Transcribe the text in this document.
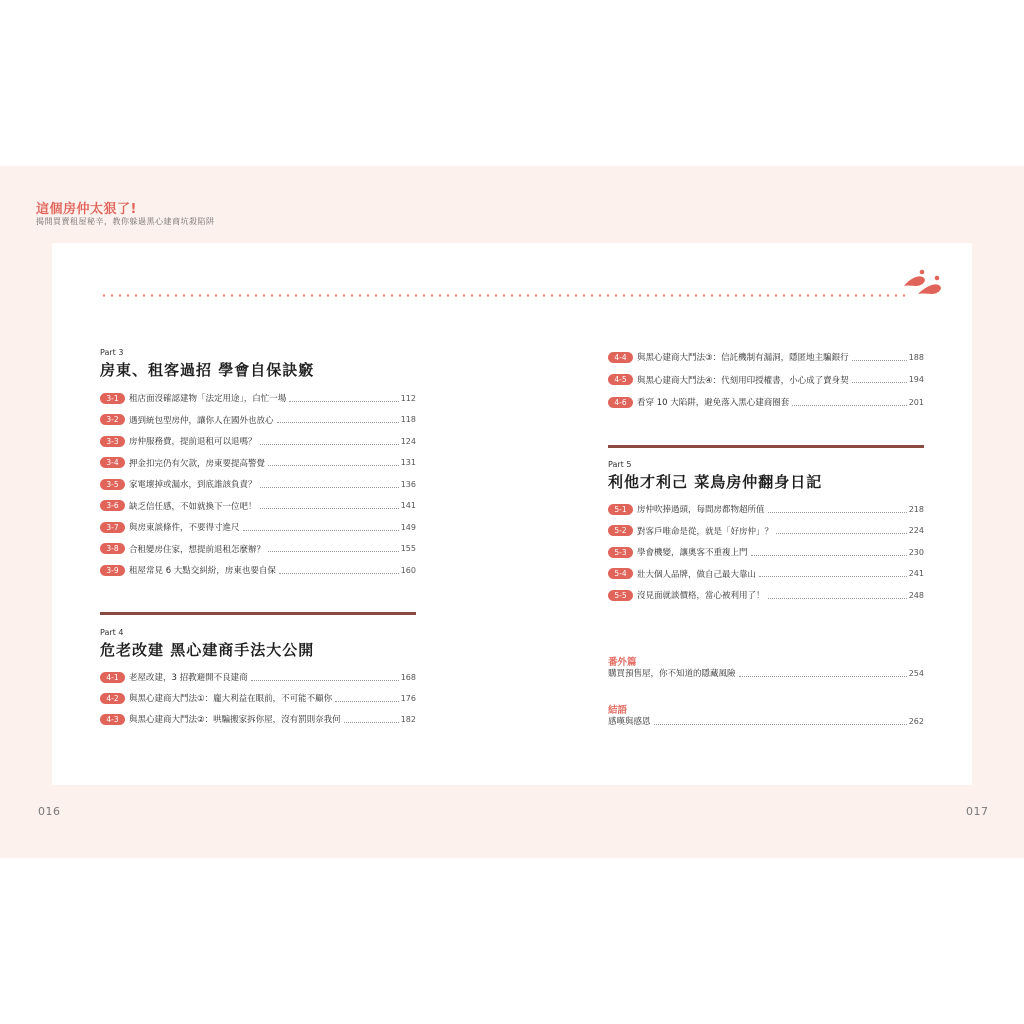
這個房仲太狠了!
揭開買賣租屋秘辛，教你躲過黑心建商坑殺陷阱
Part 3
房東、租客過招 學會自保訣竅
3-1	租店面沒確認建物「法定用途」，白忙一場	112
3-2	遇到統包型房仲，讓你人在國外也放心	118
3-3	房仲服務費，提前退租可以退嗎？	124
3-4	押金扣完仍有欠款，房東要提高警覺	131
3-5	家電壞掉或漏水，到底誰該負責？	136
3-6	缺乏信任感，不如就換下一位吧！	141
3-7	與房東談條件，不要得寸進尺	149
3-8	合租變房住家，想提前退租怎麼辦？	155
3-9	租屋常見 6 大點交糾紛，房東也要自保	160
Part 4
危老改建 黑心建商手法大公開
4-1	老屋改建，3 招教避開不良建商	168
4-2	與黑心建商大鬥法①：龐大利益在眼前，不可能不顧你	176
4-3	與黑心建商大鬥法②：哄騙搬家拆你屋，沒有罰則奈我何	182
4-4	與黑心建商大鬥法③：信託機制有漏洞，隱匿地主騙銀行	188
4-5	與黑心建商大鬥法④：代刻用印授權書，小心成了賣身契	194
4-6	看穿 10 大陷阱，避免落入黑心建商圈套	201
Part 5
利他才利己 菜鳥房仲翻身日記
5-1	房仲吹捧過頭，每間房都物超所值	218
5-2	對客戶唯命是從，就是「好房仲」？	224
5-3	學會機變，讓奧客不重複上門	230
5-4	壯大個人品牌，做自己最大靠山	241
5-5	沒見面就談價格，當心被利用了！	248
番外篇
購買預售屋，你不知道的隱藏風險	254
結語
感嘆與感恩	262
016	017
